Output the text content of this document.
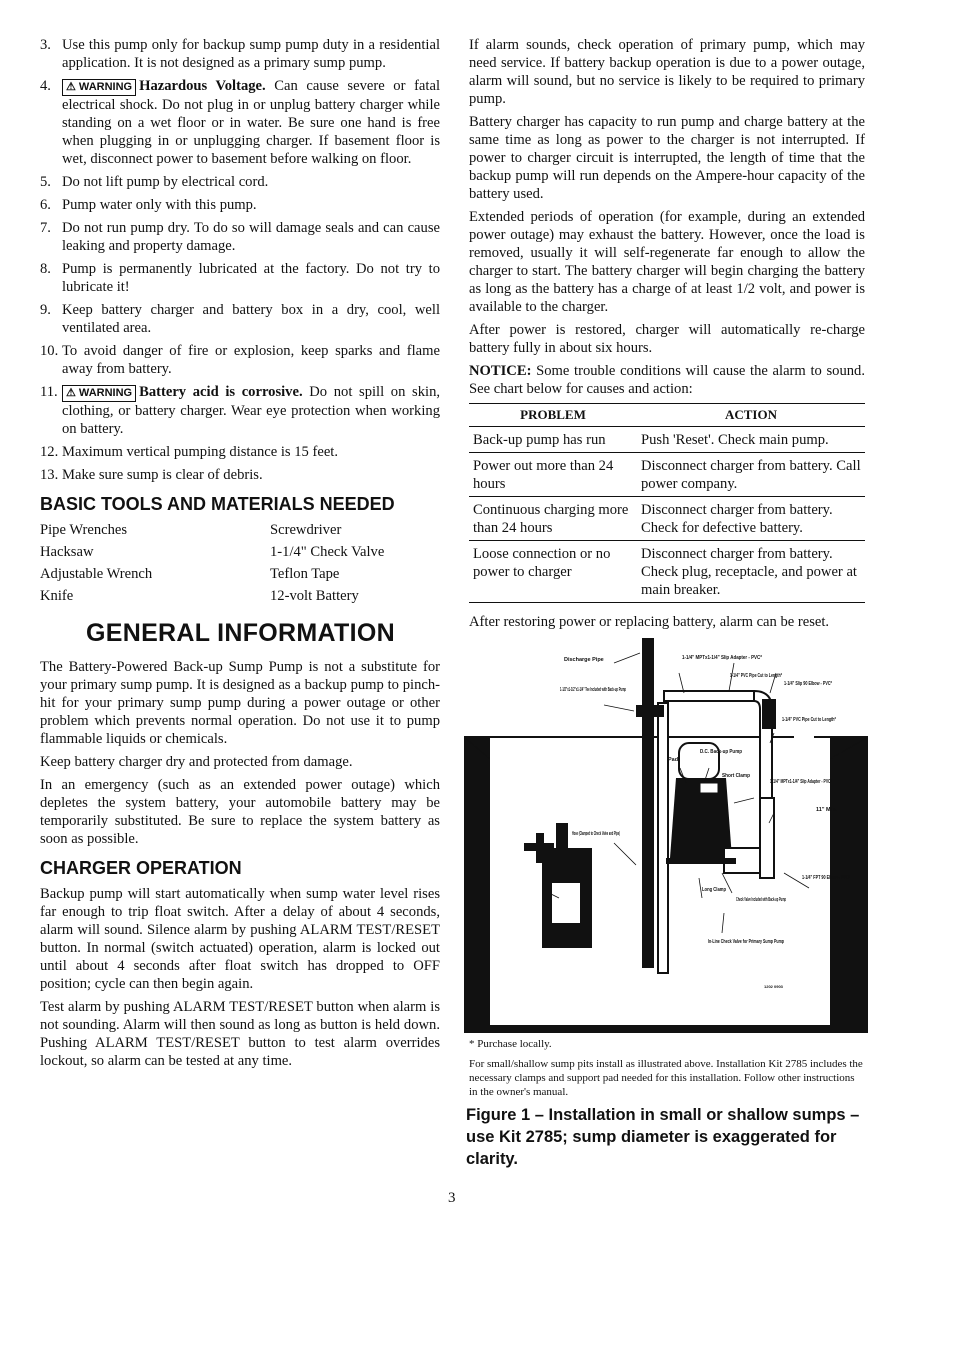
3. Use this pump only for backup sump pump duty in a residential application. It is not designed as a primary sump pump.
4.	⚠ WARNING Hazardous Voltage. Can cause severe or fatal electrical shock. Do not plug in or unplug battery charger while standing on a wet floor or in water. Be sure one hand is free when plugging in or unplugging charger. If basement floor is wet, disconnect power to basement before walking on floor.
5. Do not lift pump by electrical cord.
6. Pump water only with this pump.
7. Do not run pump dry. To do so will damage seals and can cause leaking and property damage.
8. Pump is permanently lubricated at the factory. Do not try to lubricate it!
9. Keep battery charger and battery box in a dry, cool, well ventilated area.
10. To avoid danger of fire or explosion, keep sparks and flame away from battery.
11. ⚠ WARNING Battery acid is corrosive. Do not spill on skin, clothing, or battery charger. Wear eye protection when working on battery.
12. Maximum vertical pumping distance is 15 feet.
13. Make sure sump is clear of debris.
BASIC TOOLS AND MATERIALS NEEDED
Pipe Wrenches	Screwdriver
Hacksaw	1-1/4" Check Valve
Adjustable Wrench	Teflon Tape
Knife	12-volt Battery
GENERAL INFORMATION

The Battery-Powered Back-up Sump Pump is not a substitute for your primary sump pump. It is designed as a backup pump to pinch-hit for your primary sump pump during a power outage or other problem which prevents normal operation. Do not use it to pump flammable liquids or chemicals.

Keep battery charger dry and protected from damage.

In an emergency (such as an extended power outage) which depletes the system battery, your automobile battery may be temporarily substituted. Be sure to replace the system battery as soon as possible.

CHARGER OPERATION

Backup pump will start automatically when sump water level rises far enough to trip float switch. After a delay of about 4 seconds, alarm will sound. Silence alarm by pushing ALARM TEST/RESET button. In normal (switch actuated) operation, alarm is locked out until about 4 seconds after float switch has dropped to OFF position; cycle can then begin again.

Test alarm by pushing ALARM TEST/RESET button when alarm is not sounding. Alarm will then sound as long as button is held down. Pushing ALARM TEST/RESET button to test alarm overrides lockout, so alarm can be tested at any time.

If alarm sounds, check operation of primary pump, which may need service. If battery backup operation is due to a power outage, alarm will sound, but no service is likely to be required to primary pump.

Battery charger has capacity to run pump and charge battery at the same time as long as power to the charger is not interrupted. If power to charger circuit is interrupted, the length of time that the backup pump will run depends on the Ampere-hour capacity of the battery used.

Extended periods of operation (for example, during an extended power outage) may exhaust the battery. However, once the load is removed, usually it will self-regenerate far enough to allow the charger to start. The battery charger will begin charging the battery as long as the battery has a charge of at least 1/2 volt, and power is available to the charger.

After power is restored, charger will automatically re-charge battery fully in about six hours.

NOTICE: Some trouble conditions will cause the alarm to sound. See chart below for causes and action:

PROBLEM	ACTION
Back-up pump has run	Push 'Reset'. Check main pump.
Power out more than 24 hours	Disconnect charger from battery. Call power company.
Continuous charging more than 24 hours	Disconnect charger from battery. Check for defective battery.
Loose connection or no power to charger	Disconnect charger from battery. Check plug, receptacle, and power at main breaker.

After restoring power or replacing battery, alarm can be reset.

Discharge Pipe
1-1/2"x1-1/2"x1-1/4" Tee Included with Back-up Pump
1-1/4" MPTx1-1/4" Slip Adapter - PVC*
1-1/4" PVC Pipe Cut to Length*
1-1/4" Slip 90 Elbow - PVC*
1-1/4" PVC Pipe Cut to Length*
D.C. Back-up Pump
Pad
Short Clamp
1-1/4" MPTx1-1/4" Slip Adapter - PVC*
11" Min.
Hose (Clamped to Check Valve and Pipe)
1-1/4" FPT 90 Elbow - PVC*
Primary Pump
Long Clamp
Check Valve Included with Back-up Pump
In-Line Check Valve for Primary Sump Pump
1202 0903
* Purchase locally.
For small/shallow sump pits install as illustrated above. Installation Kit 2785 includes the necessary clamps and support pad needed for this installation. Follow other instructions in the owner's manual.
Figure 1 – Installation in small or shallow sumps – use Kit 2785; sump diameter is exaggerated for clarity.
3
